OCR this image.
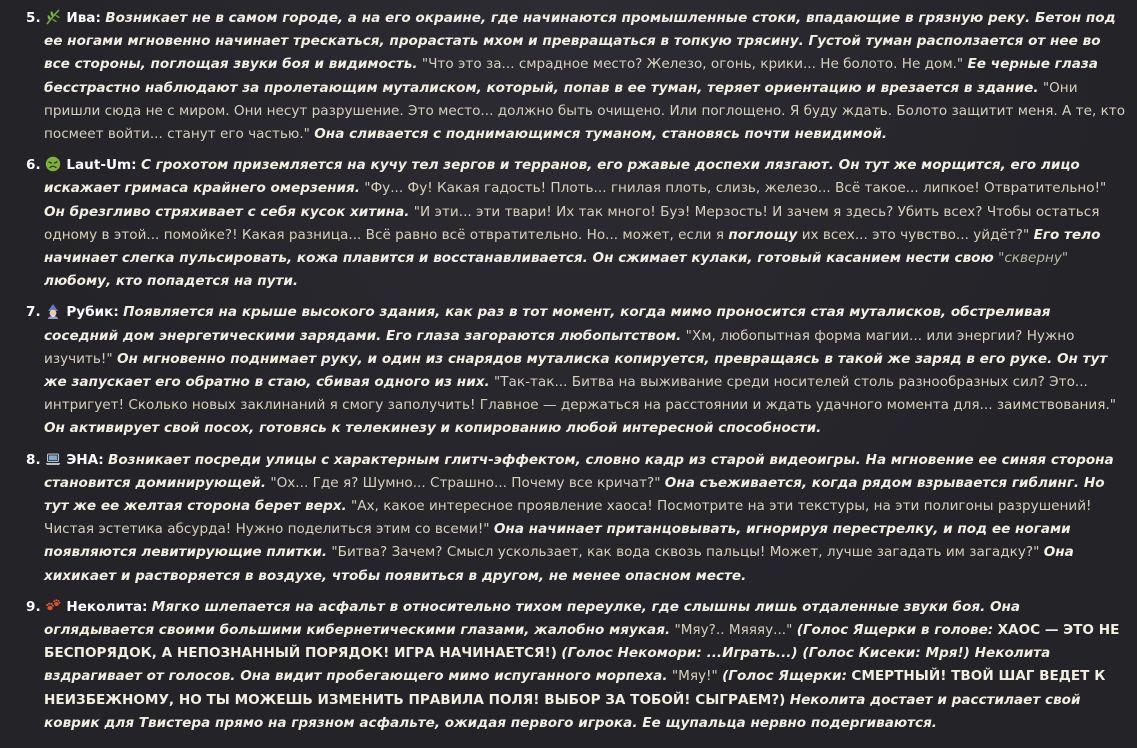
5. Ива: Возникает не в самом городе, а на его окраине, где начинаются промышленные стоки, впадающие в грязную реку. Бетон под ее ногами мгновенно начинает трескаться, прорастать мхом и превращаться в топкую трясину. Густой туман расползается от нее во все стороны, поглощая звуки боя и видимость. "Что это за... смрадное место? Железо, огонь, крики... Не болото. Не дом." Ее черные глаза бесстрастно наблюдают за пролетающим муталиском, который, попав в ее туман, теряет ориентацию и врезается в здание. "Они пришли сюда не с миром. Они несут разрушение. Это место... должно быть очищено. Или поглощено. Я буду ждать. Болото защитит меня. А те, кто посмеет войти... станут его частью." Она сливается с поднимающимся туманом, становясь почти невидимой.
6. Laut-Um: С грохотом приземляется на кучу тел зергов и терранов, его ржавые доспехи лязгают. Он тут же морщится, его лицо искажает гримаса крайнего омерзения. "Фу... Фу! Какая гадость! Плоть... гнилая плоть, слизь, железо... Всё такое... липкое! Отвратительно!" Он брезгливо стряхивает с себя кусок хитина. "И эти... эти твари! Их так много! Буэ! Мерзость! И зачем я здесь? Убить всех? Чтобы остаться одному в этой... помойке?! Какая разница... Всё равно всё отвратительно. Но... может, если я поглощу их всех... это чувство... уйдёт?" Его тело начинает слегка пульсировать, кожа плавится и восстанавливается. Он сжимает кулаки, готовый касанием нести свою "скверну" любому, кто попадется на пути.
7. Рубик: Появляется на крыше высокого здания, как раз в тот момент, когда мимо проносится стая муталисков, обстреливая соседний дом энергетическими зарядами. Его глаза загораются любопытством. "Хм, любопытная форма магии... или энергии? Нужно изучить!" Он мгновенно поднимает руку, и один из снарядов муталиска копируется, превращаясь в такой же заряд в его руке. Он тут же запускает его обратно в стаю, сбивая одного из них. "Так-так... Битва на выживание среди носителей столь разнообразных сил? Это... интригует! Сколько новых заклинаний я смогу заполучить! Главное — держаться на расстоянии и ждать удачного момента для... заимствования." Он активирует свой посох, готовясь к телекинезу и копированию любой интересной способности.
8. ЭНА: Возникает посреди улицы с характерным глитч-эффектом, словно кадр из старой видеоигры. На мгновение ее синяя сторона становится доминирующей. "Ох... Где я? Шумно... Страшно... Почему все кричат?" Она съеживается, когда рядом взрывается гиблинг. Но тут же ее желтая сторона берет верх. "Ах, какое интересное проявление хаоса! Посмотрите на эти текстуры, на эти полигоны разрушений! Чистая эстетика абсурда! Нужно поделиться этим со всеми!" Она начинает пританцовывать, игнорируя перестрелку, и под ее ногами появляются левитирующие плитки. "Битва? Зачем? Смысл ускользает, как вода сквозь пальцы! Может, лучше загадать им загадку?" Она хихикает и растворяется в воздухе, чтобы появиться в другом, не менее опасном месте.
9. Неколита: Мягко шлепается на асфальт в относительно тихом переулке, где слышны лишь отдаленные звуки боя. Она оглядывается своими большими кибернетическими глазами, жалобно мяукая. "Мяу?.. Мяяяу..." (Голос Ящерки в голове: ХАОС — ЭТО НЕ БЕСПОРЯДОК, А НЕПОЗНАННЫЙ ПОРЯДОК! ИГРА НАЧИНАЕТСЯ!) (Голос Некомори: ...Играть...) (Голос Кисеки: Мря!) Неколита вздрагивает от голосов. Она видит пробегающего мимо испуганного морпеха. "Мяу!" (Голос Ящерки: СМЕРТНЫЙ! ТВОЙ ШАГ ВЕДЕТ К НЕИЗБЕЖНОМУ, НО ТЫ МОЖЕШЬ ИЗМЕНИТЬ ПРАВИЛА ПОЛЯ! ВЫБОР ЗА ТОБОЙ! СЫГРАЕМ?) Неколита достает и расстилает свой коврик для Твистера прямо на грязном асфальте, ожидая первого игрока. Ее щупальца нервно подергиваются.
